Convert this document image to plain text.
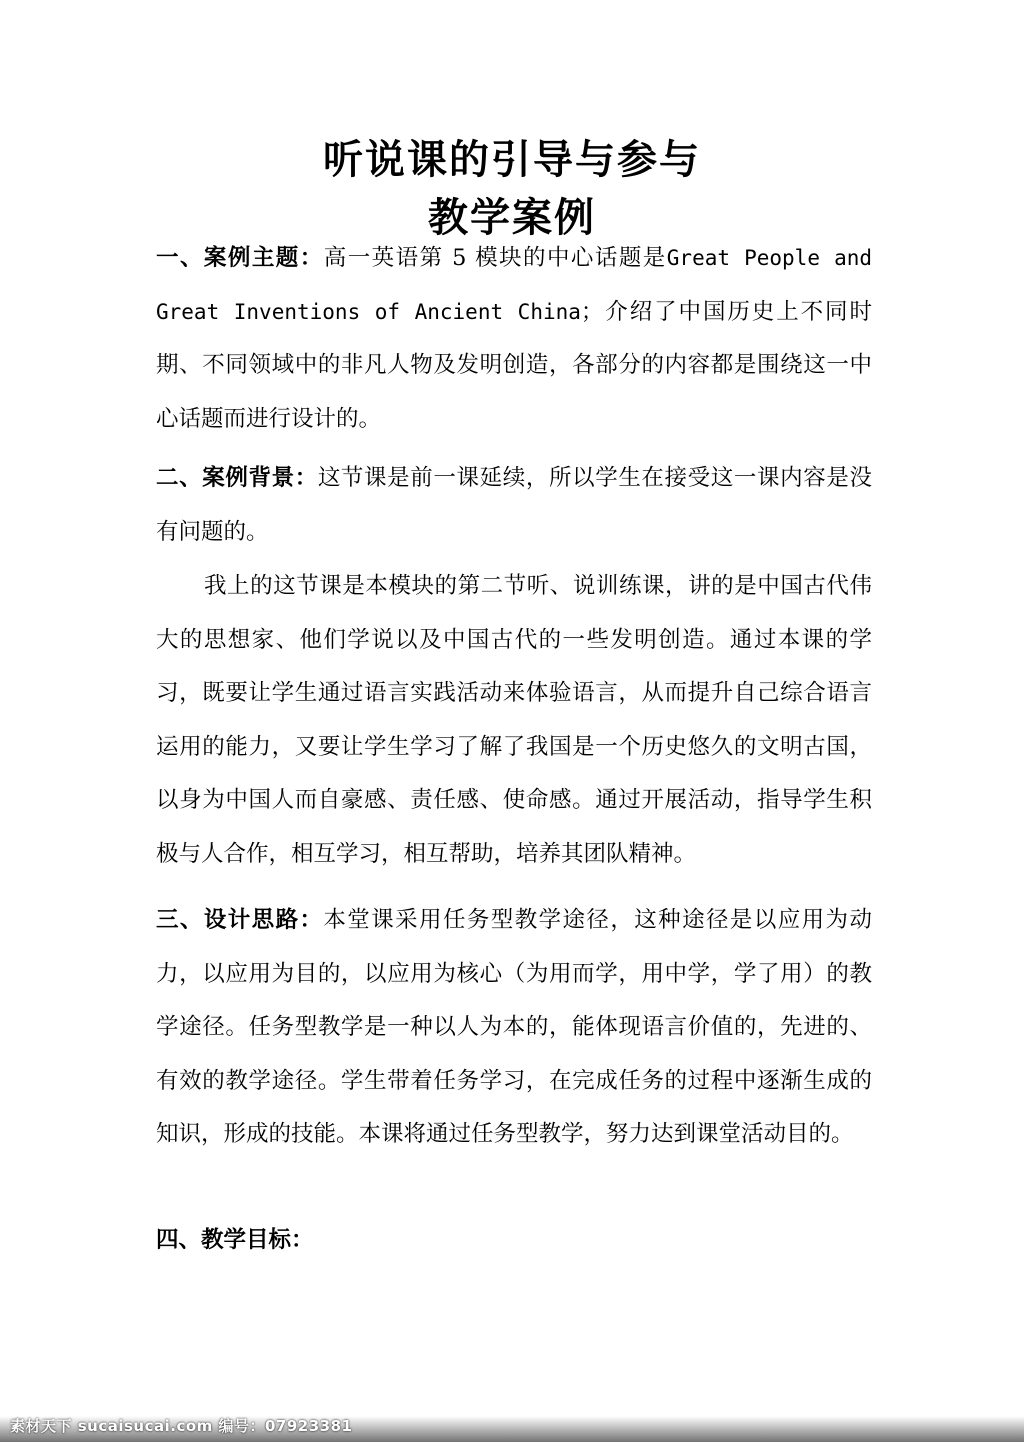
听说课的引导与参与
教学案例

一、案例主题：高一英语第 5 模块的中心话题是Great People and Great Inventions of Ancient China；介绍了中国历史上不同时期、不同领域中的非凡人物及发明创造，各部分的内容都是围绕这一中心话题而进行设计的。

二、案例背景：这节课是前一课延续，所以学生在接受这一课内容是没有问题的。

我上的这节课是本模块的第二节听、说训练课，讲的是中国古代伟大的思想家、他们学说以及中国古代的一些发明创造。通过本课的学习，既要让学生通过语言实践活动来体验语言，从而提升自己综合语言运用的能力，又要让学生学习了解了我国是一个历史悠久的文明古国，以身为中国人而自豪感、责任感、使命感。通过开展活动，指导学生积极与人合作，相互学习，相互帮助，培养其团队精神。

三、设计思路：本堂课采用任务型教学途径，这种途径是以应用为动力，以应用为目的，以应用为核心（为用而学，用中学，学了用）的教学途径。任务型教学是一种以人为本的，能体现语言价值的，先进的、有效的教学途径。学生带着任务学习，在完成任务的过程中逐渐生成的知识，形成的技能。本课将通过任务型教学，努力达到课堂活动目的。

四、教学目标：

素材天下 sucaisucai.com 编号：07923381
